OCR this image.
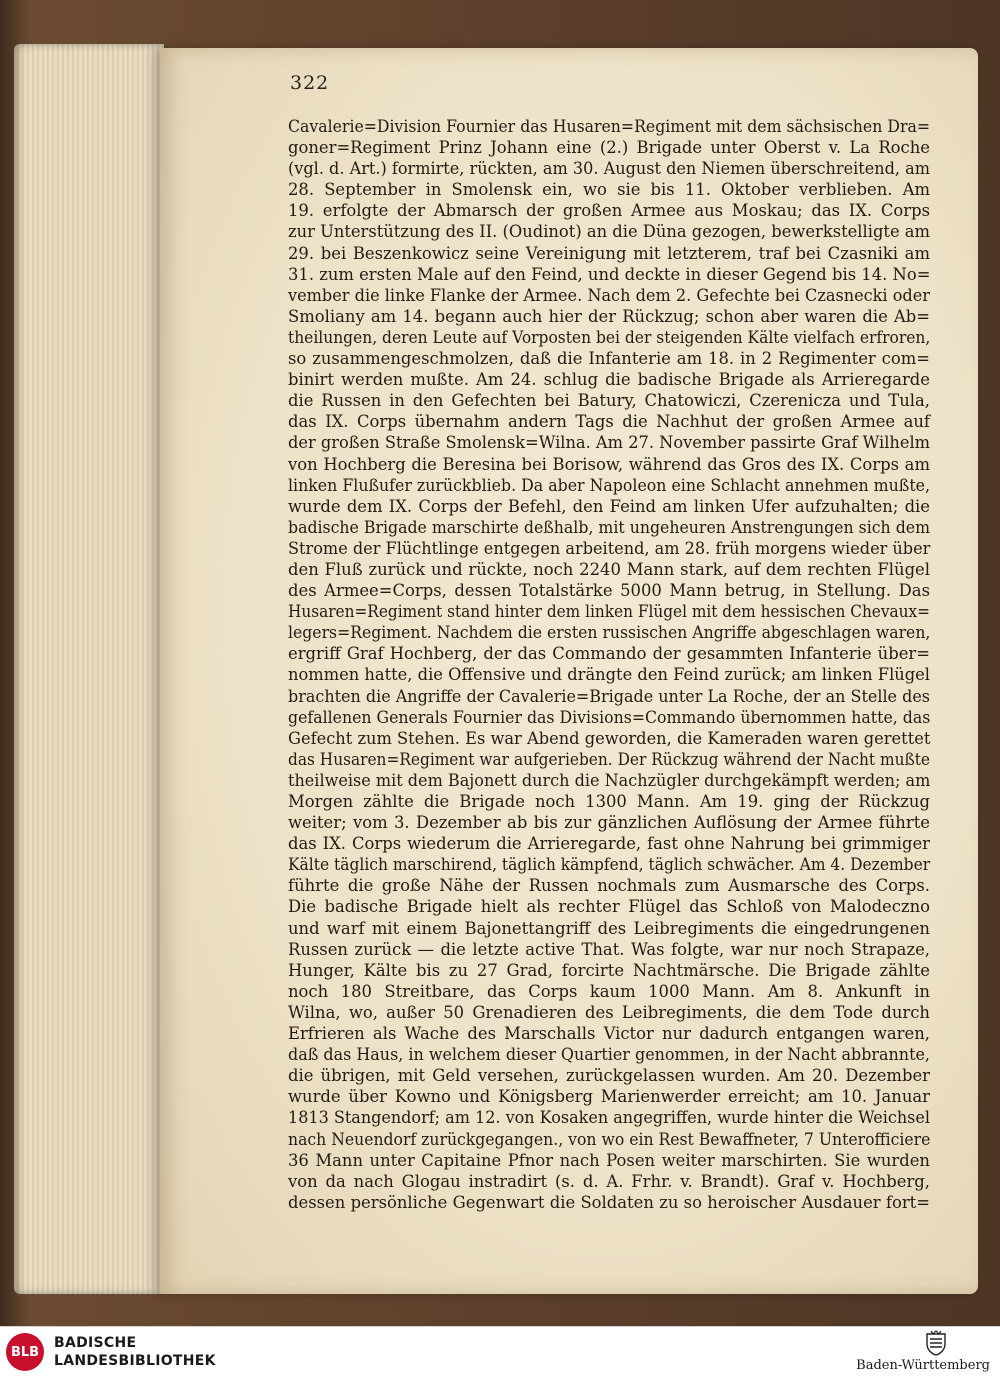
322
Cavalerie=Division Fournier das Husaren=Regiment mit dem sächsischen Dra=
goner=Regiment Prinz Johann eine (2.) Brigade unter Oberst v. La Roche
(vgl. d. Art.) formirte, rückten, am 30. August den Niemen überschreitend, am
28. September in Smolensk ein, wo sie bis 11. Oktober verblieben. Am
19. erfolgte der Abmarsch der großen Armee aus Moskau; das IX. Corps
zur Unterstützung des II. (Oudinot) an die Düna gezogen, bewerkstelligte am
29. bei Beszenkowicz seine Vereinigung mit letzterem, traf bei Czasniki am
31. zum ersten Male auf den Feind, und deckte in dieser Gegend bis 14. No=
vember die linke Flanke der Armee. Nach dem 2. Gefechte bei Czasnecki oder
Smoliany am 14. begann auch hier der Rückzug; schon aber waren die Ab=
theilungen, deren Leute auf Vorposten bei der steigenden Kälte vielfach erfroren,
so zusammengeschmolzen, daß die Infanterie am 18. in 2 Regimenter com=
binirt werden mußte. Am 24. schlug die badische Brigade als Arrieregarde
die Russen in den Gefechten bei Batury, Chatowiczi, Czerenicza und Tula,
das IX. Corps übernahm andern Tags die Nachhut der großen Armee auf
der großen Straße Smolensk=Wilna. Am 27. November passirte Graf Wilhelm
von Hochberg die Beresina bei Borisow, während das Gros des IX. Corps am
linken Flußufer zurückblieb. Da aber Napoleon eine Schlacht annehmen mußte,
wurde dem IX. Corps der Befehl, den Feind am linken Ufer aufzuhalten; die
badische Brigade marschirte deßhalb, mit ungeheuren Anstrengungen sich dem
Strome der Flüchtlinge entgegen arbeitend, am 28. früh morgens wieder über
den Fluß zurück und rückte, noch 2240 Mann stark, auf dem rechten Flügel
des Armee=Corps, dessen Totalstärke 5000 Mann betrug, in Stellung. Das
Husaren=Regiment stand hinter dem linken Flügel mit dem hessischen Chevaux=
legers=Regiment. Nachdem die ersten russischen Angriffe abgeschlagen waren,
ergriff Graf Hochberg, der das Commando der gesammten Infanterie über=
nommen hatte, die Offensive und drängte den Feind zurück; am linken Flügel
brachten die Angriffe der Cavalerie=Brigade unter La Roche, der an Stelle des
gefallenen Generals Fournier das Divisions=Commando übernommen hatte, das
Gefecht zum Stehen. Es war Abend geworden, die Kameraden waren gerettet
das Husaren=Regiment war aufgerieben. Der Rückzug während der Nacht mußte
theilweise mit dem Bajonett durch die Nachzügler durchgekämpft werden; am
Morgen zählte die Brigade noch 1300 Mann. Am 19. ging der Rückzug
weiter; vom 3. Dezember ab bis zur gänzlichen Auflösung der Armee führte
das IX. Corps wiederum die Arrieregarde, fast ohne Nahrung bei grimmiger
Kälte täglich marschirend, täglich kämpfend, täglich schwächer. Am 4. Dezember
führte die große Nähe der Russen nochmals zum Ausmarsche des Corps.
Die badische Brigade hielt als rechter Flügel das Schloß von Malodeczno
und warf mit einem Bajonettangriff des Leibregiments die eingedrungenen
Russen zurück — die letzte active That. Was folgte, war nur noch Strapaze,
Hunger, Kälte bis zu 27 Grad, forcirte Nachtmärsche. Die Brigade zählte
noch 180 Streitbare, das Corps kaum 1000 Mann. Am 8. Ankunft in
Wilna, wo, außer 50 Grenadieren des Leibregiments, die dem Tode durch
Erfrieren als Wache des Marschalls Victor nur dadurch entgangen waren,
daß das Haus, in welchem dieser Quartier genommen, in der Nacht abbrannte,
die übrigen, mit Geld versehen, zurückgelassen wurden. Am 20. Dezember
wurde über Kowno und Königsberg Marienwerder erreicht; am 10. Januar
1813 Stangendorf; am 12. von Kosaken angegriffen, wurde hinter die Weichsel
nach Neuendorf zurückgegangen., von wo ein Rest Bewaffneter, 7 Unterofficiere
36 Mann unter Capitaine Pfnor nach Posen weiter marschirten. Sie wurden
von da nach Glogau instradirt (s. d. A. Frhr. v. Brandt). Graf v. Hochberg,
dessen persönliche Gegenwart die Soldaten zu so heroischer Ausdauer fort=
BLB
BADISCHE
LANDESBIBLIOTHEK	Baden-Württemberg
